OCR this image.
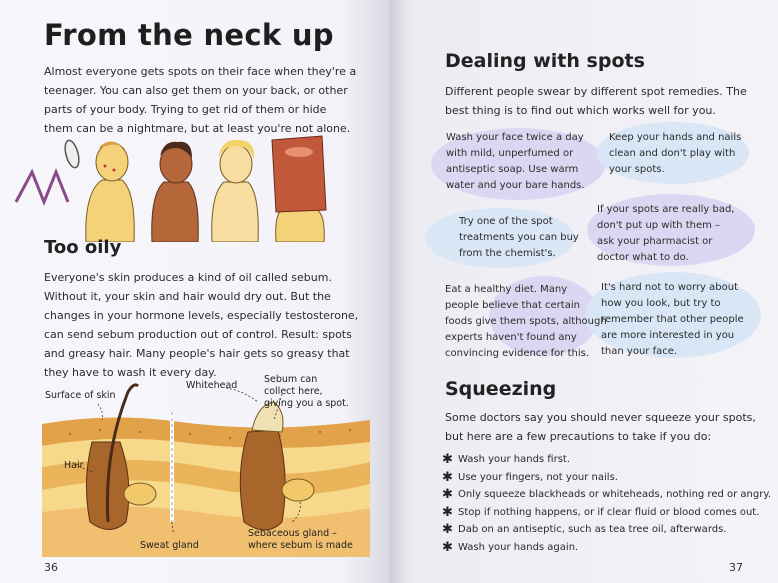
From the neck up
Almost everyone gets spots on their face when they're a
teenager. You can also get them on your back, or other
parts of your body. Trying to get rid of them or hide
them can be a nightmare, but at least you're not alone.
Too oily
Everyone's skin produces a kind of oil called sebum.
Without it, your skin and hair would dry out. But the
changes in your hormone levels, especially testosterone,
can send sebum production out of control. Result: spots
and greasy hair. Many people's hair gets so greasy that
they have to wash it every day.
Surface of skin
Whitehead
Sebum can
collect here,
giving you a spot.
Hair
Sweat gland
Sebaceous gland –
where sebum is made
36
Dealing with spots
Different people swear by different spot remedies. The
best thing is to find out which works well for you.
Wash your face twice a day
with mild, unperfumed or
antiseptic soap. Use warm
water and your bare hands.
Keep your hands and nails
clean and don't play with
your spots.
Try one of the spot
treatments you can buy
from the chemist's.
If your spots are really bad,
don't put up with them –
ask your pharmacist or
doctor what to do.
Eat a healthy diet. Many
people believe that certain
foods give them spots, although
experts haven't found any
convincing evidence for this.
It's hard not to worry about
how you look, but try to
remember that other people
are more interested in you
than your face.
Squeezing
Some doctors say you should never squeeze your spots,
but here are a few precautions to take if you do:
37
✱ Wash your hands first.
✱ Use your fingers, not your nails.
✱ Only squeeze blackheads or whiteheads, nothing red or angry.
✱ Stop if nothing happens, or if clear fluid or blood comes out.
✱ Dab on an antiseptic, such as tea tree oil, afterwards.
✱ Wash your hands again.
